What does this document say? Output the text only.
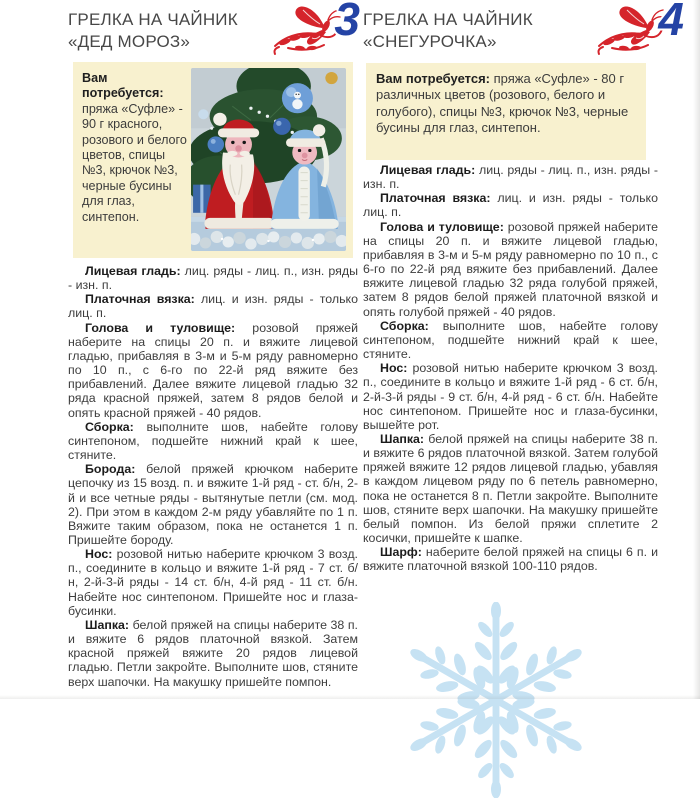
ГРЕЛКА НА ЧАЙНИК
«ДЕД МОРОЗ»	3
Вам потребуется: пряжа «Суфле» - 90 г красного, розового и белого цветов, спицы №3, крючок №3, черные бусины для глаз, синтепон.

Лицевая гладь: лиц. ряды - лиц. п., изн. ряды - изн. п.

Платочная вязка: лиц. и изн. ряды - только лиц. п.

Голова и туловище: розовой пряжей наберите на спицы 20 п. и вяжите лицевой гладью, прибавляя в 3-м и 5-м ряду равномерно по 10 п., с 6-го по 22-й ряд вяжите без прибавлений. Далее вяжите лицевой гладью 32 ряда красной пряжей, затем 8 рядов белой и опять красной пряжей - 40 рядов.

Сборка: выполните шов, набейте голову синтепоном, подшейте нижний край к шее, стяните.

Борода: белой пряжей крючком наберите цепочку из 15 возд. п. и вяжите 1-й ряд - ст. б/н, 2-й и все четные ряды - вытянутые петли (см. мод. 2). При этом в каждом 2-м ряду убавляйте по 1 п. Вяжите таким образом, пока не останется 1 п. Пришейте бороду.

Нос: розовой нитью наберите крючком 3 возд. п., соедините в кольцо и вяжите 1-й ряд - 7 ст. б/н, 2-й-3-й ряды - 14 ст. б/н, 4-й ряд - 11 ст. б/н. Набейте нос синтепоном. Пришейте нос и глаза-бусинки.

Шапка: белой пряжей на спицы наберите 38 п. и вяжите 6 рядов платочной вязкой. Затем красной пряжей вяжите 20 рядов лицевой гладью. Петли закройте. Выполните шов, стяните верх шапочки. На макушку пришейте помпон.

ГРЕЛКА НА ЧАЙНИК
«СНЕГУРОЧКА»	4
Вам потребуется: пряжа «Суфле» - 80 г различных цветов (розового, белого и голубого), спицы №3, крючок №3, черные бусины для глаз, синтепон.

Лицевая гладь: лиц. ряды - лиц. п., изн. ряды - изн. п.

Платочная вязка: лиц. и изн. ряды - только лиц. п.

Голова и туловище: розовой пряжей наберите на спицы 20 п. и вяжите лицевой гладью, прибавляя в 3-м и 5-м ряду равномерно по 10 п., с 6-го по 22-й ряд вяжите без прибавлений. Далее вяжите лицевой гладью 32 ряда голубой пряжей, затем 8 рядов белой пряжей платочной вязкой и опять голубой пряжей - 40 рядов.

Сборка: выполните шов, набейте голову синтепоном, подшейте нижний край к шее, стяните.

Нос: розовой нитью наберите крючком 3 возд. п., соедините в кольцо и вяжите 1-й ряд - 6 ст. б/н, 2-й-3-й ряды - 9 ст. б/н, 4-й ряд - 6 ст. б/н. Набейте нос синтепоном. Пришейте нос и глаза-бусинки, вышейте рот.

Шапка: белой пряжей на спицы наберите 38 п. и вяжите 6 рядов платочной вязкой. Затем голубой пряжей вяжите 12 рядов лицевой гладью, убавляя в каждом лицевом ряду по 6 петель равномерно, пока не останется 8 п. Петли закройте. Выполните шов, стяните верх шапочки. На макушку пришейте белый помпон. Из белой пряжи сплетите 2 косички, пришейте к шапке.

Шарф: наберите белой пряжей на спицы 6 п. и вяжите платочной вязкой 100-110 рядов.
